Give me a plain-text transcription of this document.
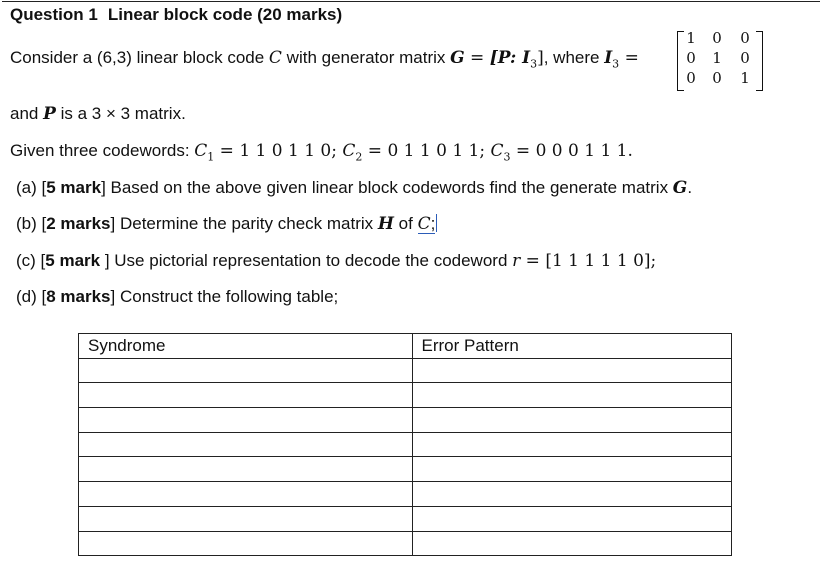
Question 1 Linear block code (20 marks)
Consider a (6,3) linear block code C with generator matrix G = [P: $I_3$], where $I_3$ =
1 0 0
0 1 0
0 0 1
and P is a 3 × 3 matrix.
Given three codewords: $C_1 = 1$ 1 0 1 1 0; $C_2 = 0$ 1 1 0 1 1; $C_3 = 0$ 0 0 1 1 1.
(a) [5 mark] Based on the above given linear block codewords find the generate matrix G.
(b) [2 marks] Determine the parity check matrix H of C;
(c) [5 mark ] Use pictorial representation to decode the codeword r = [1 1 1 1 1 0];
(d) [8 marks] Construct the following table;
Syndrome	Error Pattern
